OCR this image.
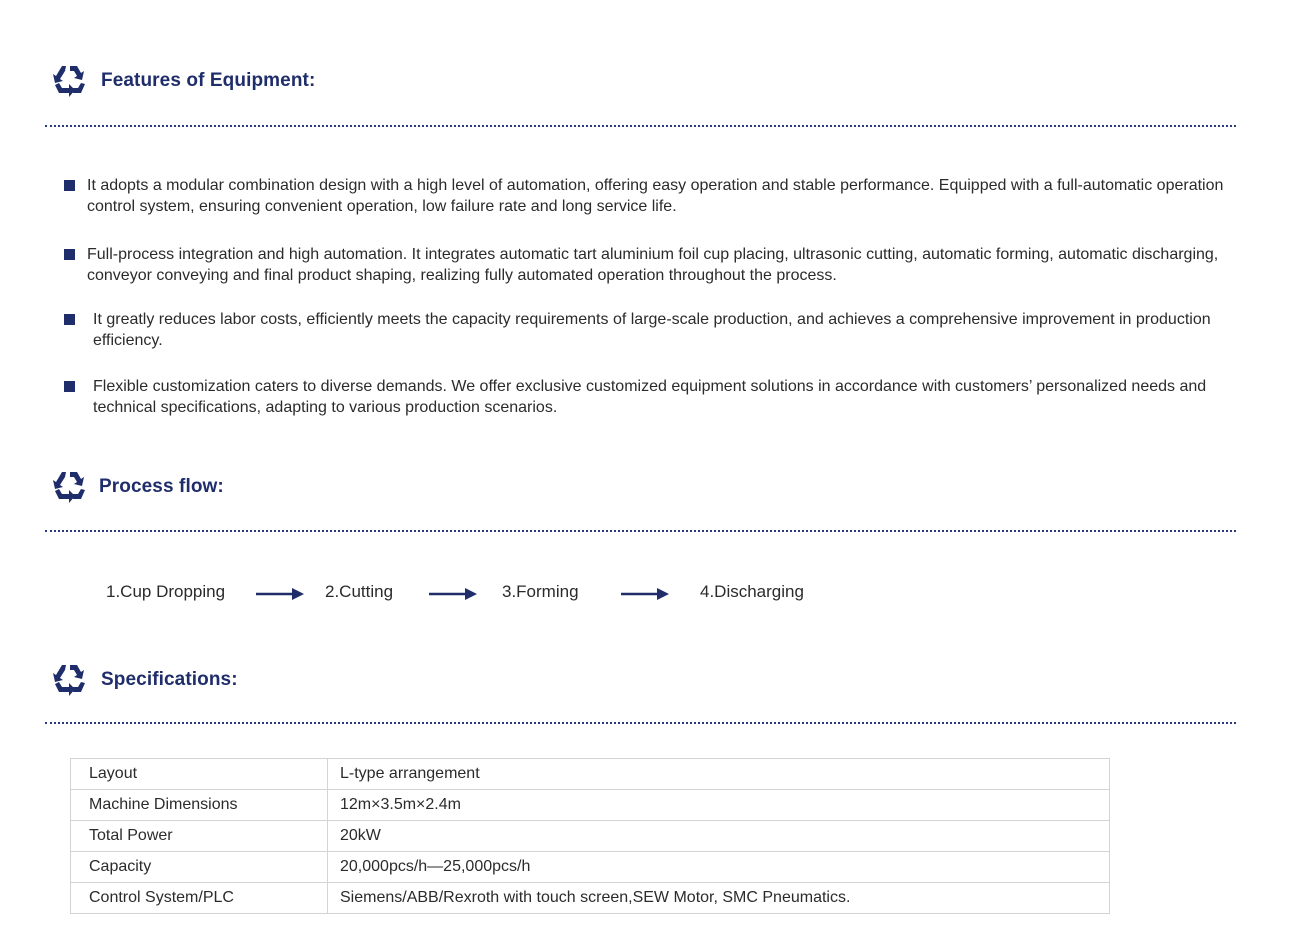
Features of Equipment:
It adopts a modular combination design with a high level of automation, offering easy operation and stable performance. Equipped with a full-automatic operation control system, ensuring convenient operation, low failure rate and long service life.
Full-process integration and high automation. It integrates automatic tart aluminium foil cup placing, ultrasonic cutting, automatic forming, automatic discharging, conveyor conveying and final product shaping, realizing fully automated operation throughout the process.
It greatly reduces labor costs, efficiently meets the capacity requirements of large-scale production, and achieves a comprehensive improvement in production efficiency.
Flexible customization caters to diverse demands. We offer exclusive customized equipment solutions in accordance with customers’ personalized needs and technical specifications, adapting to various production scenarios.
Process flow:
1.Cup Dropping	2.Cutting	3.Forming	4.Discharging
Specifications:
Layout	L-type arrangement
Machine Dimensions	12m×3.5m×2.4m
Total Power	20kW
Capacity	20,000pcs/h—25,000pcs/h
Control System/PLC	Siemens/ABB/Rexroth with touch screen,SEW Motor, SMC Pneumatics.
